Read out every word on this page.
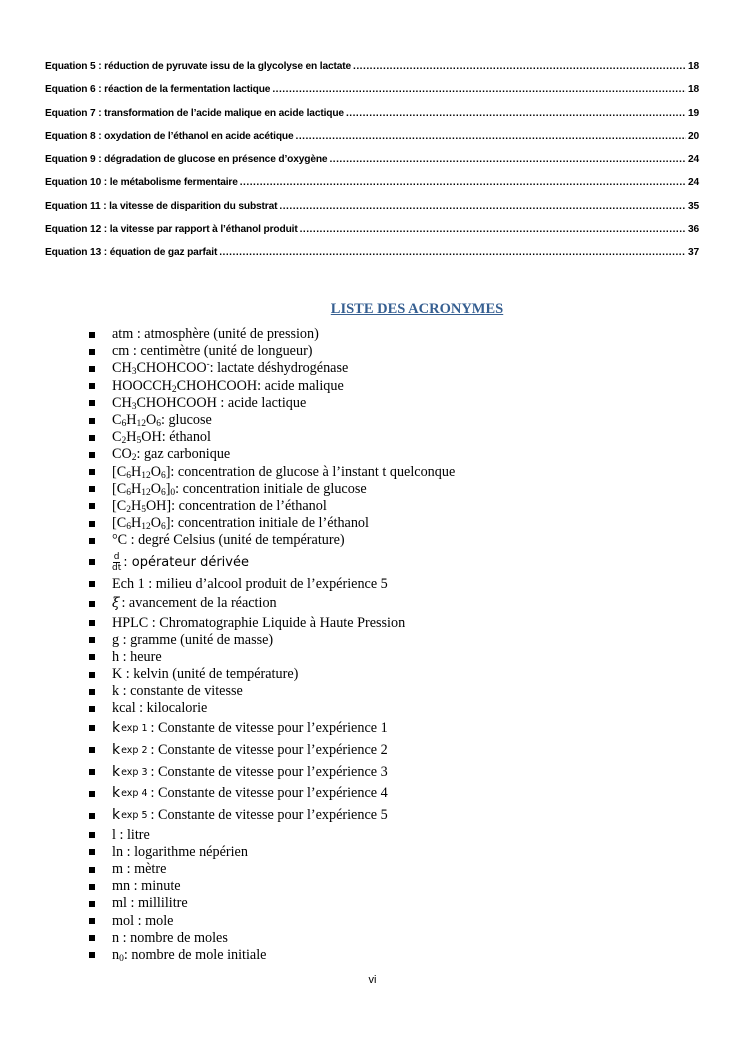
Equation 5 : réduction de pyruvate issu de la glycolyse en lactate .....	18
Equation 6 : réaction de la fermentation lactique .....	18
Equation 7 : transformation de l’acide malique en acide lactique .....	19
Equation 8 : oxydation de l’éthanol en acide acétique .....	20
Equation 9 : dégradation de glucose en présence d’oxygène .....	24
Equation 10 : le métabolisme fermentaire .....	24
Equation 11 : la vitesse de disparition du substrat .....	35
Equation 12 : la vitesse par rapport à l’éthanol produit .....	36
Equation 13 : équation de gaz parfait .....	37
LISTE DES ACRONYMES
atm : atmosphère (unité de pression)
cm : centimètre (unité de longueur)
$CH_3CHOHCOO^-$ : lactate déshydrogénase
$HOOCCH_2CHOHCOOH$ : acide malique
$CH_3CHOHCOOH$ : acide lactique
$C_6H_{12}O_6$ : glucose
$C_2H_5OH$ : éthanol
$CO_2$ : gaz carbonique
$[C_6H_{12}O_6]$ : concentration de glucose à l’instant t quelconque
$[C_6H_{12}O_6]_0$ : concentration initiale de glucose
$[C_2H_5OH]$ : concentration de l’éthanol
$[C_6H_{12}O_6]$ : concentration initiale de l’éthanol
°C : degré Celsius (unité de température)
$\frac{d}{dt}$ : opérateur dérivée
Ech 1 : milieu d’alcool produit de l’expérience 5
ξ : avancement de la réaction
HPLC : Chromatographie Liquide à Haute Pression
g : gramme (unité de masse)
h : heure
K : kelvin (unité de température)
k : constante de vitesse
kcal : kilocalorie
k exp 1 : Constante de vitesse pour l’expérience 1
k exp 2 : Constante de vitesse pour l’expérience 2
k exp 3 : Constante de vitesse pour l’expérience 3
k exp 4 : Constante de vitesse pour l’expérience 4
k exp 5 : Constante de vitesse pour l’expérience 5
l : litre
ln : logarithme népérien
m : mètre
mn : minute
ml : millilitre
mol : mole
n : nombre de moles
$n_0$ : nombre de mole initiale
vi
